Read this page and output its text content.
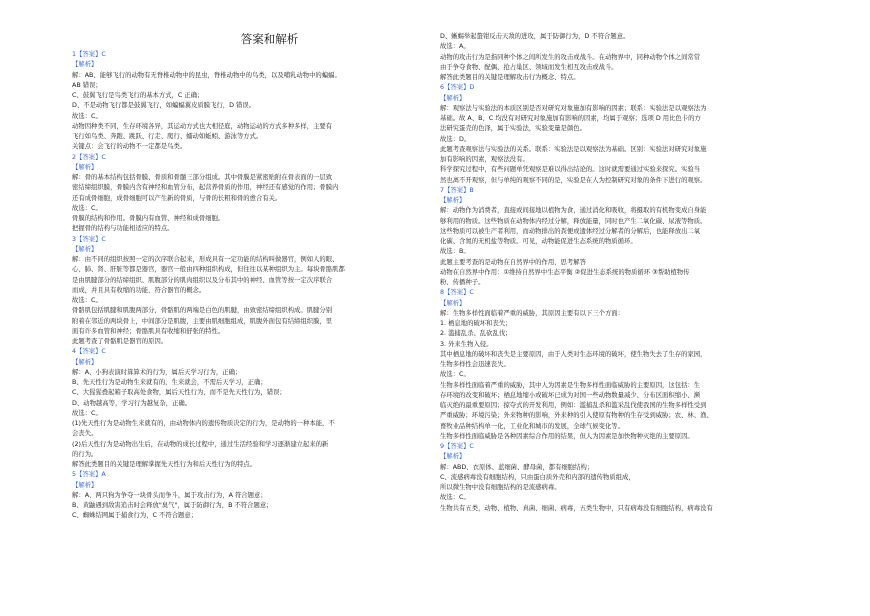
答案和解析
1【答案】C
【解析】
解：AB、能够飞行的动物有无脊椎动物中的昆虫，脊椎动物中的鸟类，以及哺乳动物中的蝙蝠。
AB 错误；
C、鼓翼飞行是鸟类飞行的基本方式，C 正确；
D、不是动物飞行都是鼓翼飞行，如蝙蝠翼皮质膜飞行，D 错误。
故选：C。
动物因种类不同，生存环境各异，其运动方式也大相径庭，动物运动的方式多种多样，主要有
飞行如鸟类、奔跑、跳跃、行走、爬行、蠕动如蚯蚓、游泳等方式。
关键点：会飞行的动物不一定都是鸟类。
2【答案】C
【解析】
解：骨的基本结构包括骨膜、骨质和骨髓三部分组成。其中骨膜是紧密贴附在骨表面的一层致
密结缔组织膜，骨膜内含有神经和血管分布，起营养骨质的作用，神经还有感觉的作用；骨膜内
还有成骨细胞，成骨细胞可以产生新的骨质，与骨的长粗和骨的愈合有关。
故选：C。
骨膜的结构和作用。骨膜内有血管、神经和成骨细胞。
把握骨的结构与功能相适应的特点。
3【答案】C
【解析】
解：由不同的组织按照一定的次序联合起来，形成具有一定功能的结构叫做器官，例如人的眼、
心、肺、肾、肝脏等都是器官，器官一般由四种组织构成，但往往以某种组织为主。每块骨骼肌都
是由肌腱部分的结缔组织、肌腹部分的肌肉组织以及分布其中的神经、血管等按一定次序联合
而成，并且具有收缩的功能，符合器官的概念。
故选：C。
骨骼肌包括肌腱和肌腹两部分，骨骼肌的两端是白色的肌腱，由致密结缔组织构成。肌腱分别
附着在邻近的两块骨上，中间部分是肌腹，主要由肌细胞组成，肌腹外面包有结缔组织膜，里
面有许多血管和神经；骨骼肌具有收缩和舒张的特性。
此题考查了骨骼肌是器官的原因。
4【答案】C
【解析】
解：A、小狗表演时算算术的行为，属后天学习行为，正确；
B、先天性行为是动物生来就有的，生来就会，不需后天学习，正确；
C、大猩猩叠起箱子取高处食物，属后天性行为，而不是先天性行为，错误；
D、动物越高等，学习行为越复杂，正确。
故选：C。
(1)先天性行为是动物生来就有的，由动物体内的遗传物质决定的行为，是动物的一种本能，不
会丧失。
(2)后天性行为是动物出生后，在动物的成长过程中，通过生活经验和学习逐渐建立起来的新
的行为。
解答此类题目的关键是理解掌握先天性行为和后天性行为的特点。
5【答案】A
【解析】
解：A、两只狗为争夺一块骨头而争斗，属于攻击行为，A 符合题意；
B、黄鼬遇到敌害追击时会释放"臭气"，属于防御行为，B 不符合题意；
C、蜘蛛结网属于捕食行为，C 不符合题意；
D、蜥蜴举起螯钳反击天敌的进攻，属于防御行为，D 不符合题意。
故选：A。
动物的攻击行为是指同种个体之间所发生的攻击或战斗。在动物界中，同种动物个体之间常常
由于争夺食物、配偶、抢占巢区、领域而发生相互攻击或战斗。
解答此类题目的关键是理解攻击行为概念、特点。
6【答案】D
【解析】
解：观察法与实验法的本质区别是否对研究对象施加有影响的因素；联系：实验法是以观察法为
基础。故 A、B、C 均没有对研究对象施加有影响的因素，均属于观察；选项 D 用比色卡的方
法研究蛋壳的色泽，属于实验法，实验变量是颜色。
故选：D。
此题考查观察法与实验法的关系。联系：实验法是以观察法为基础。区别：实验法对研究对象施
加有影响的因素，观察法没有。
科学探究过程中，有些问题单凭观察是难以得出结论的。这时就需要通过实验来探究。实验当
然也离不开观察，但与单纯的观察不同的是，实验是在人为控制研究对象的条件下进行的观察。
7【答案】B
【解析】
解：动物作为消费者，直接或间接地以植物为食，通过消化和吸收，将摄取的有机物变成自身能
够利用的物质。这些物质在动物体内经过分解，释放能量，同时也产生二氧化碳、尿液等物质。
这些物质可以被生产者利用，而动物排出的粪便或遗体经过分解者的分解后，也能释放出二氧
化碳、含氮的无机盐等物质。可见，动物能促进生态系统的物质循环。
故选：B。
此题主要考查的是动物在自然界中的作用，思考解答
动物在自然界中作用：①维持自然界中生态平衡 ②促进生态系统的物质循环 ③帮助植物传
粉、传播种子。
8【答案】C
【解析】
解：生物多样性面临着严重的威胁，其原因主要有以下三个方面：
1. 栖息地的破坏和丧失；
2. 滥捕乱杀、乱砍乱伐；
3. 外来生物入侵。
其中栖息地的破坏和丧失是主要原因，由于人类对生态环境的破坏，使生物失去了生存的家园，
生物多样性会迅速丧失。
故选：C。
生物多样性面临着严重的威胁，其中人为因素是生物多样性面临威胁的主要原因，这包括：生
存环境的改变和破坏；栖息地缩小或破坏已成为对国一些动物数量减少、分布区面积缩小、濒
临灭绝的最重要原因；掠夺式的开发利用，例如：滥捕乱杀和滥采乱伐使我国的生物多样性受到
严重威胁；环境污染；外来物种的影响，外来种的引入使原有物种的生存受到威胁；农、林、渔、
畜牧业品种结构单一化，工业化和城市的发展，全球气候变化等。
生物多样性面临威胁是各种因素综合作用的结果，但人为因素是加快物种灭绝的主要原因。
9【答案】C
【解析】
解：ABD、衣原体、蓝细菌、酵母菌，都有细胞结构；
C、流感病毒没有细胞结构，只由蛋白质外壳和内部的遗传物质组成，
所以微生物中没有细胞结构的是流感病毒。
故选：C。
生物共有五类，动物、植物、真菌、细菌、病毒，五类生物中，只有病毒没有细胞结构，病毒没有
